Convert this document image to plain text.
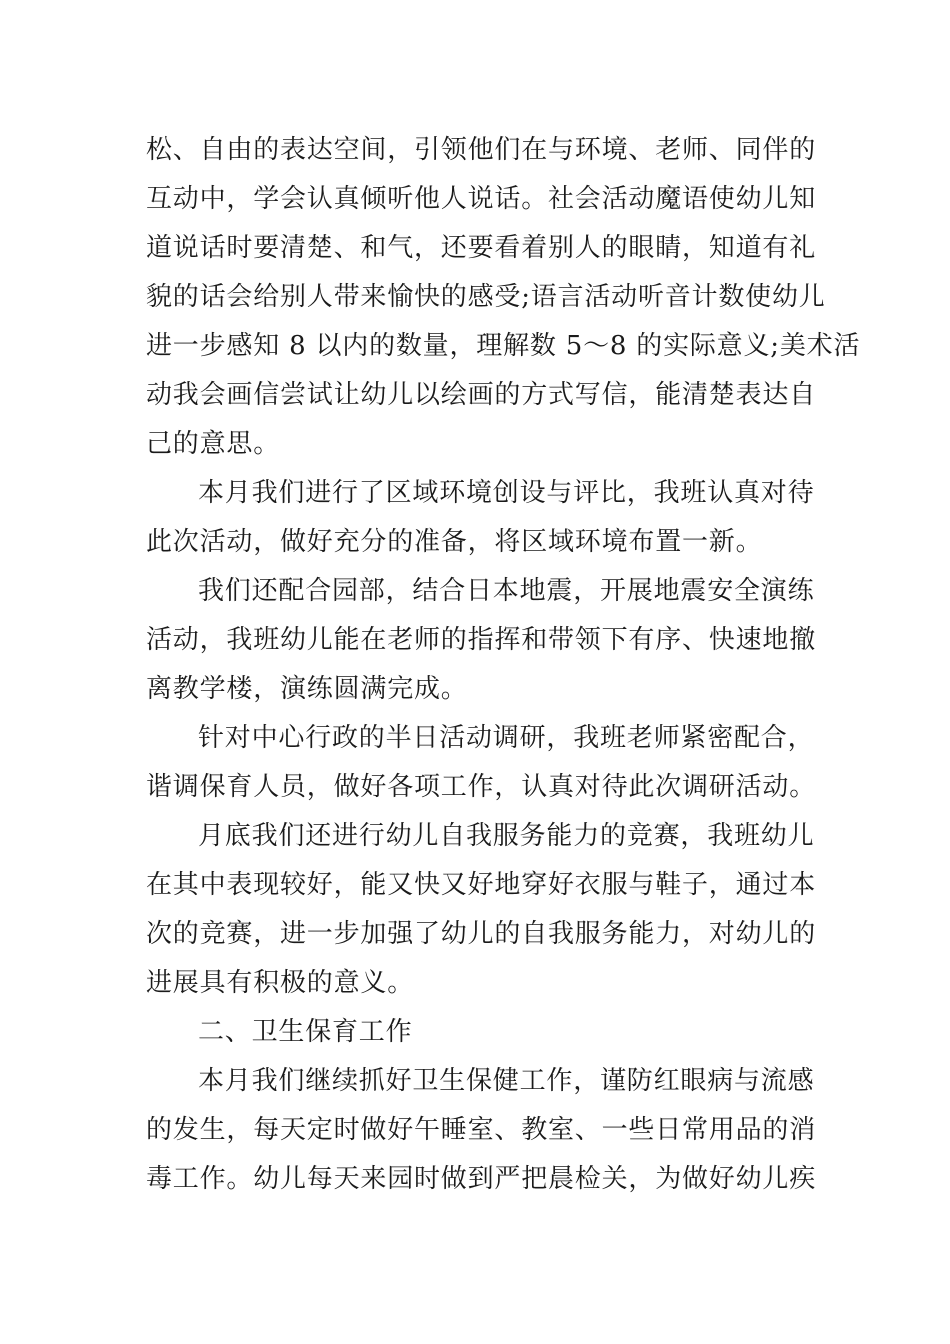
松、自由的表达空间，引领他们在与环境、老师、同伴的
互动中，学会认真倾听他人说话。社会活动魔语使幼儿知
道说话时要清楚、和气，还要看着别人的眼睛，知道有礼
貌的话会给别人带来愉快的感受;语言活动听音计数使幼儿
进一步感知 8 以内的数量，理解数 5～8 的实际意义;美术活
动我会画信尝试让幼儿以绘画的方式写信，能清楚表达自
己的意思。
本月我们进行了区域环境创设与评比，我班认真对待
此次活动，做好充分的准备，将区域环境布置一新。
我们还配合园部，结合日本地震，开展地震安全演练
活动，我班幼儿能在老师的指挥和带领下有序、快速地撤
离教学楼，演练圆满完成。
针对中心行政的半日活动调研，我班老师紧密配合，
谐调保育人员，做好各项工作，认真对待此次调研活动。
月底我们还进行幼儿自我服务能力的竞赛，我班幼儿
在其中表现较好，能又快又好地穿好衣服与鞋子，通过本
次的竞赛，进一步加强了幼儿的自我服务能力，对幼儿的
进展具有积极的意义。
二、卫生保育工作
本月我们继续抓好卫生保健工作，谨防红眼病与流感
的发生，每天定时做好午睡室、教室、一些日常用品的消
毒工作。幼儿每天来园时做到严把晨检关，为做好幼儿疾
